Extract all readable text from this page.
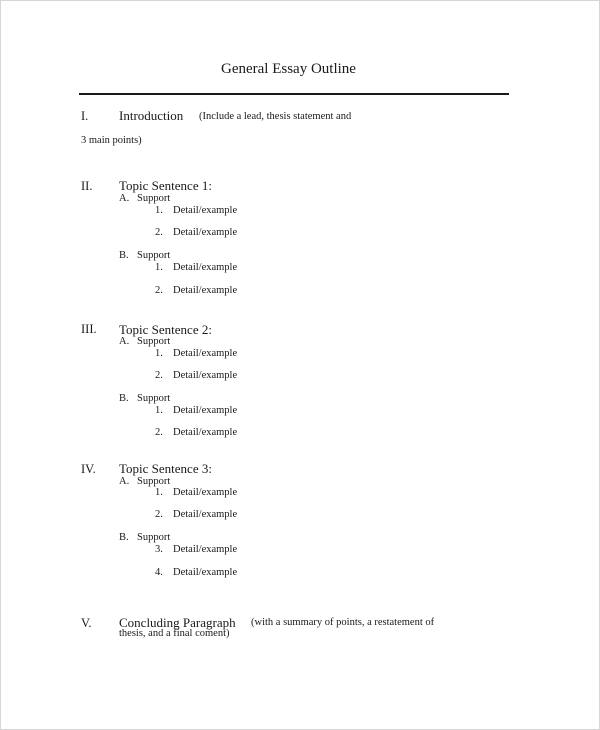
General Essay Outline
I. Introduction (Include a lead, thesis statement and
3 main points)
II. Topic Sentence 1:
A. Support
1. Detail/example
2. Detail/example
B. Support
1. Detail/example
2. Detail/example
III. Topic Sentence 2:
A. Support
1. Detail/example
2. Detail/example
B. Support
1. Detail/example
2. Detail/example
IV. Topic Sentence 3:
A. Support
1. Detail/example
2. Detail/example
B. Support
3. Detail/example
4. Detail/example
V. Concluding Paragraph (with a summary of points, a restatement of
thesis, and a final coment)
